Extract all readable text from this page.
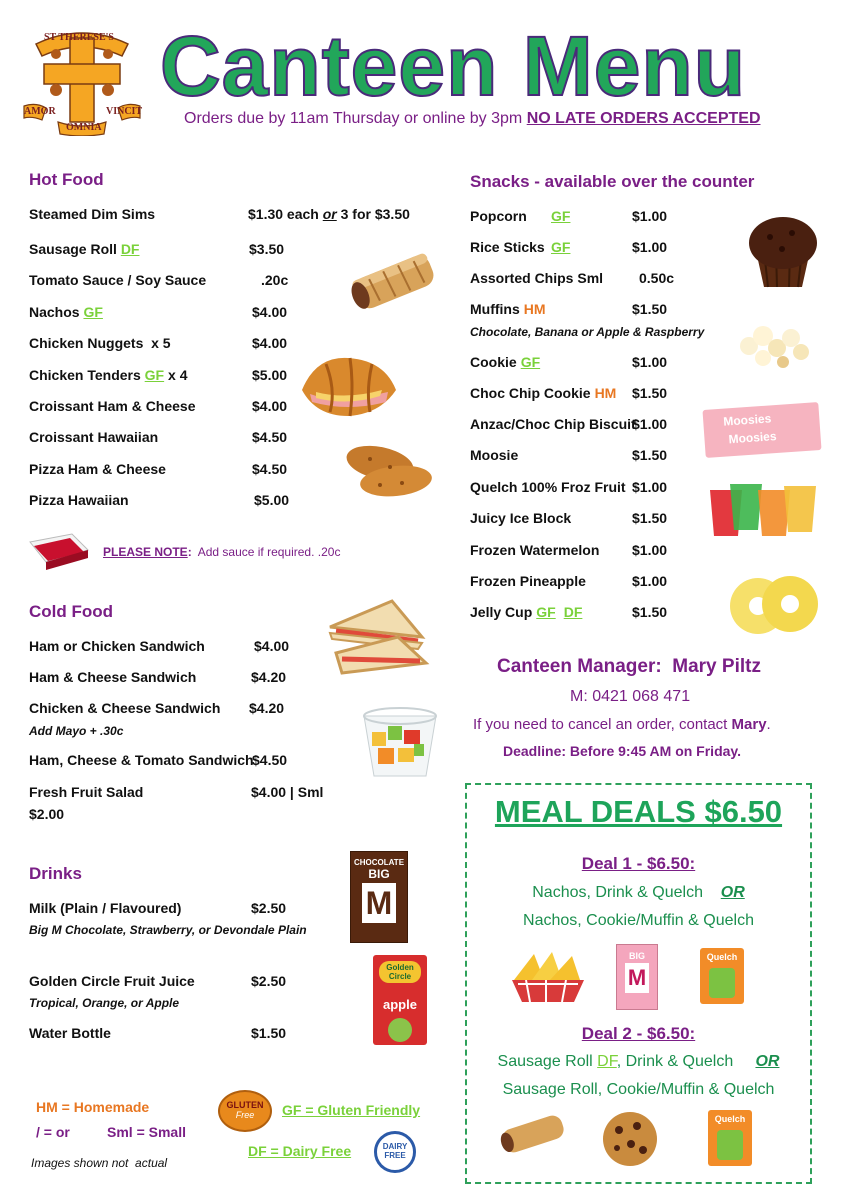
ST THERESE'S
AMOR	VINCIT
OMNIA
Canteen Menu
Orders due by 11am Thursday or online by 3pm NO LATE ORDERS ACCEPTED
Hot Food
Steamed Dim Sims	$1.30 each or 3 for $3.50
Sausage Roll DF	$3.50
Tomato Sauce / Soy Sauce	.20c
Nachos GF	$4.00
Chicken Nuggets  x 5	$4.00
Chicken Tenders GF x 4	$5.00
Croissant Ham & Cheese	$4.00
Croissant Hawaiian	$4.50
Pizza Ham & Cheese	$4.50
Pizza Hawaiian	$5.00
PLEASE NOTE: Add sauce if required. .20c
Cold Food
Ham or Chicken Sandwich	$4.00
Ham & Cheese Sandwich	$4.20
Chicken & Cheese Sandwich $4.20
Add Mayo + .30c
Ham, Cheese & Tomato Sandwich
$4.50
Fresh Fruit Salad	$4.00 | Sml
$2.00
Drinks
Milk (Plain / Flavoured)	$2.50
Big M Chocolate, Strawberry, or Devondale Plain
Golden Circle Fruit Juice	$2.50
Tropical, Orange, or Apple
Water Bottle	$1.50
CHOCOLATE
BIG
M
Golden Circle
apple
HM = Homemade
/ = or	Sml = Small
Images shown not  actual
GLUTEN
Free	GF = Gluten Friendly
DF = Dairy Free	DAIRY
FREE
Snacks - available over the counter
Popcorn GF	$1.00
Rice Sticks GF	$1.00
Assorted Chips Sml	0.50c
Muffins HM	$1.50
Cookie GF	$1.00
Choc Chip Cookie HM $1.50
Anzac/Choc Chip Biscuit
$1.00
Moosie	$1.50
Quelch 100% Froz Fruit $1.00
Juicy Ice Block	$1.50
Frozen Watermelon $1.00
Frozen Pineapple	$1.00
Jelly Cup GF DF	$1.50
Chocolate, Banana or Apple & Raspberry
Moosies
Moosies
Canteen Manager:  Mary Piltz
M: 0421 068 471
If you need to cancel an order, contact Mary.
Deadline: Before 9:45 AM on Friday.
MEAL DEALS $6.50
Deal 1 - $6.50:
Nachos, Drink & Quelch OR
Nachos, Cookie/Muffin & Quelch
BIG
M
Quelch
Deal 2 - $6.50:
Sausage Roll DF, Drink & Quelch OR
Sausage Roll, Cookie/Muffin & Quelch
Quelch
